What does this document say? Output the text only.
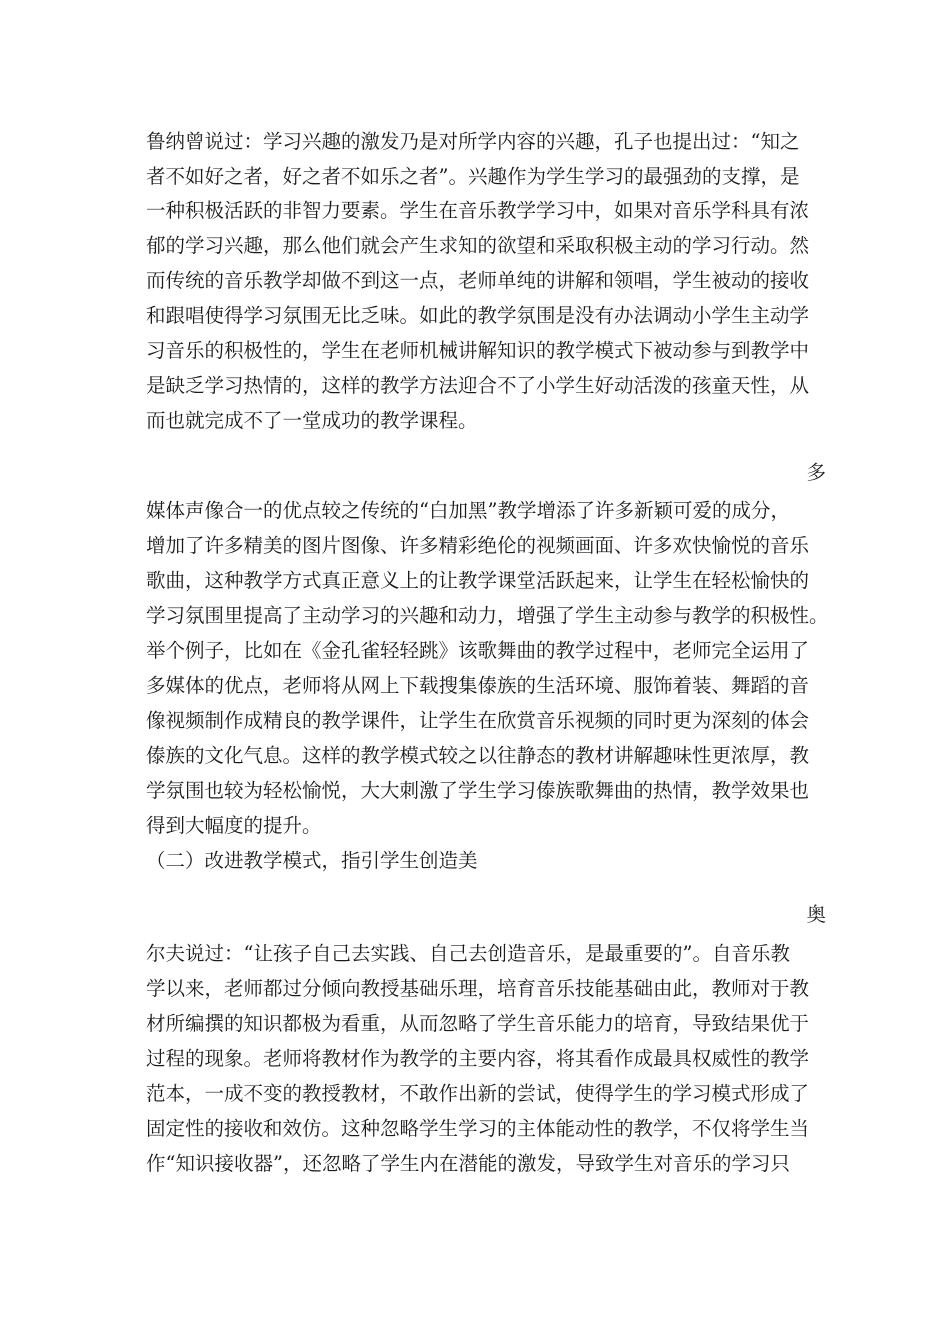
鲁纳曾说过：学习兴趣的激发乃是对所学内容的兴趣，孔子也提出过：“知之

者不如好之者，好之者不如乐之者”。兴趣作为学生学习的最强劲的支撑，是

一种积极活跃的非智力要素。学生在音乐教学学习中，如果对音乐学科具有浓

郁的学习兴趣，那么他们就会产生求知的欲望和采取积极主动的学习行动。然

而传统的音乐教学却做不到这一点，老师单纯的讲解和领唱，学生被动的接收

和跟唱使得学习氛围无比乏味。如此的教学氛围是没有办法调动小学生主动学

习音乐的积极性的，学生在老师机械讲解知识的教学模式下被动参与到教学中

是缺乏学习热情的，这样的教学方法迎合不了小学生好动活泼的孩童天性，从

而也就完成不了一堂成功的教学课程。

多

媒体声像合一的优点较之传统的“白加黑”教学增添了许多新颖可爱的成分，

增加了许多精美的图片图像、许多精彩绝伦的视频画面、许多欢快愉悦的音乐

歌曲，这种教学方式真正意义上的让教学课堂活跃起来，让学生在轻松愉快的

学习氛围里提高了主动学习的兴趣和动力，增强了学生主动参与教学的积极性。

举个例子，比如在《金孔雀轻轻跳》该歌舞曲的教学过程中，老师完全运用了

多媒体的优点，老师将从网上下载搜集傣族的生活环境、服饰着装、舞蹈的音

像视频制作成精良的教学课件，让学生在欣赏音乐视频的同时更为深刻的体会

傣族的文化气息。这样的教学模式较之以往静态的教材讲解趣味性更浓厚，教

学氛围也较为轻松愉悦，大大刺激了学生学习傣族歌舞曲的热情，教学效果也

得到大幅度的提升。

（二）改进教学模式，指引学生创造美

奥

尔夫说过：“让孩子自己去实践、自己去创造音乐，是最重要的”。自音乐教

学以来，老师都过分倾向教授基础乐理，培育音乐技能基础由此，教师对于教

材所编撰的知识都极为看重，从而忽略了学生音乐能力的培育，导致结果优于

过程的现象。老师将教材作为教学的主要内容，将其看作成最具权威性的教学

范本，一成不变的教授教材，不敢作出新的尝试，使得学生的学习模式形成了

固定性的接收和效仿。这种忽略学生学习的主体能动性的教学，不仅将学生当

作“知识接收器”，还忽略了学生内在潜能的激发，导致学生对音乐的学习只
